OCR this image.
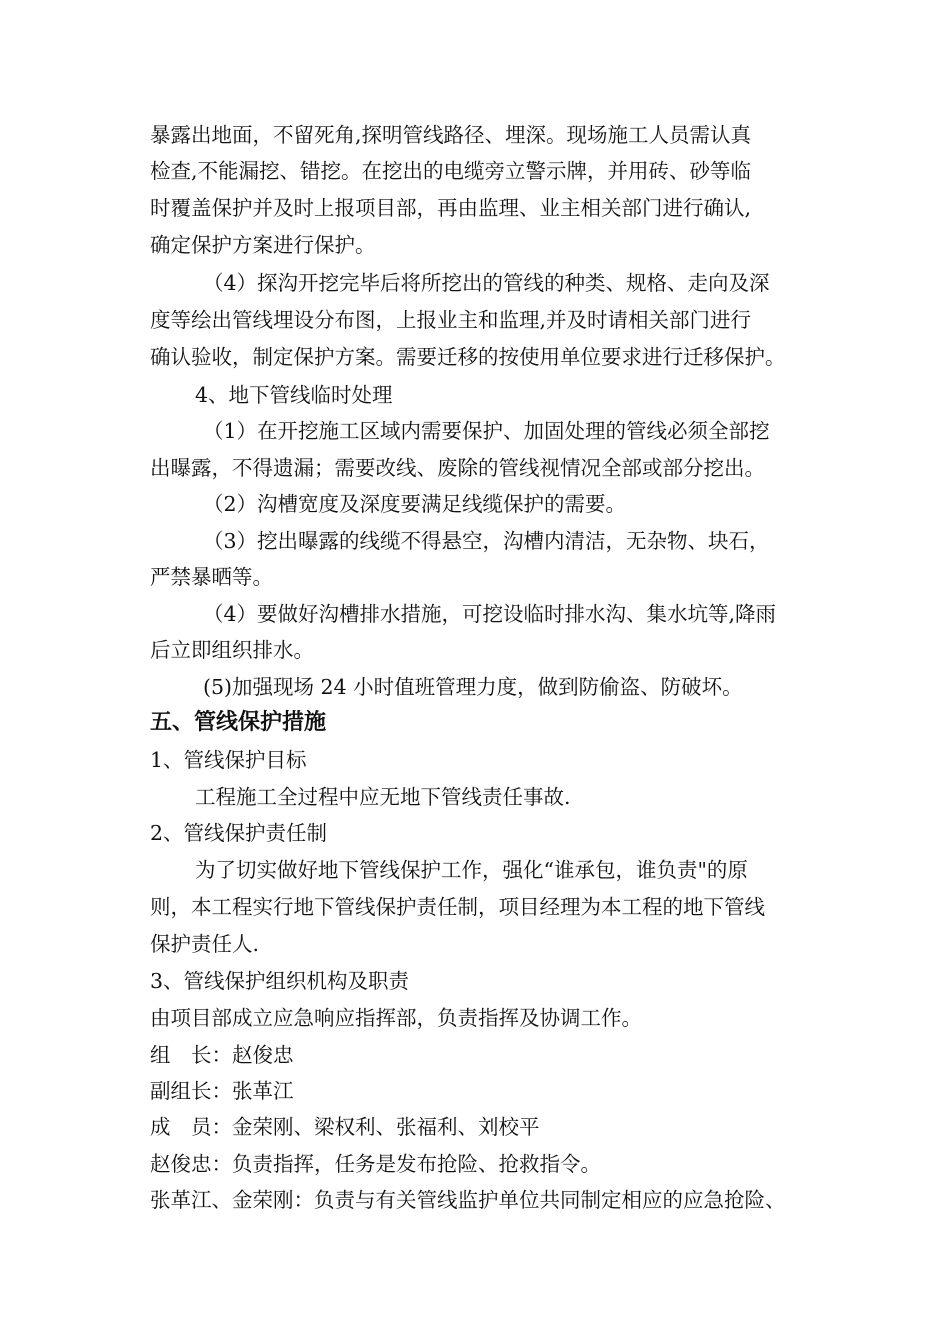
暴露出地面，不留死角,探明管线路径、埋深。现场施工人员需认真
检查,不能漏挖、错挖。在挖出的电缆旁立警示牌，并用砖、砂等临
时覆盖保护并及时上报项目部，再由监理、业主相关部门进行确认,
确定保护方案进行保护。
（4）探沟开挖完毕后将所挖出的管线的种类、规格、走向及深
度等绘出管线埋设分布图，上报业主和监理,并及时请相关部门进行
确认验收，制定保护方案。需要迁移的按使用单位要求进行迁移保护。
4、地下管线临时处理
（1）在开挖施工区域内需要保护、加固处理的管线必须全部挖
出曝露，不得遗漏；需要改线、废除的管线视情况全部或部分挖出。
（2）沟槽宽度及深度要满足线缆保护的需要。
（3）挖出曝露的线缆不得悬空，沟槽内清洁，无杂物、块石，
严禁暴晒等。
（4）要做好沟槽排水措施，可挖设临时排水沟、集水坑等,降雨
后立即组织排水。
(5)加强现场 24 小时值班管理力度，做到防偷盗、防破坏。
五、管线保护措施
1、管线保护目标
工程施工全过程中应无地下管线责任事故.
2、管线保护责任制
为了切实做好地下管线保护工作，强化“谁承包，谁负责"的原
则，本工程实行地下管线保护责任制，项目经理为本工程的地下管线
保护责任人.
3、管线保护组织机构及职责
由项目部成立应急响应指挥部，负责指挥及协调工作。
组　长：赵俊忠
副组长：张革江
成　员：金荣刚、梁权利、张福利、刘校平
赵俊忠：负责指挥，任务是发布抢险、抢救指令。
张革江、金荣刚：负责与有关管线监护单位共同制定相应的应急抢险、
